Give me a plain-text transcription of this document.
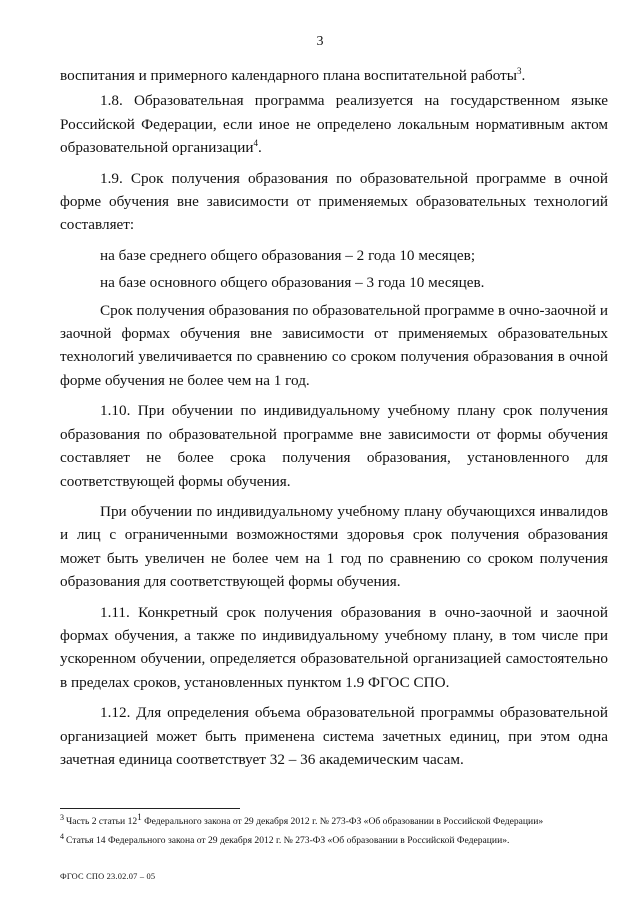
3

воспитания и примерного календарного плана воспитательной работы$^3$.

1.8. Образовательная программа реализуется на государственном языке Российской Федерации, если иное не определено локальным нормативным актом образовательной организации$^4$.

1.9. Срок получения образования по образовательной программе в очной форме обучения вне зависимости от применяемых образовательных технологий составляет:

на базе среднего общего образования – 2 года 10 месяцев;

на базе основного общего образования – 3 года 10 месяцев.

Срок получения образования по образовательной программе в очно-заочной и заочной формах обучения вне зависимости от применяемых образовательных технологий увеличивается по сравнению со сроком получения образования в очной форме обучения не более чем на 1 год.

1.10. При обучении по индивидуальному учебному плану срок получения образования по образовательной программе вне зависимости от формы обучения составляет не более срока получения образования, установленного для соответствующей формы обучения.

При обучении по индивидуальному учебному плану обучающихся инвалидов и лиц с ограниченными возможностями здоровья срок получения образования может быть увеличен не более чем на 1 год по сравнению со сроком получения образования для соответствующей формы обучения.

1.11. Конкретный срок получения образования в очно-заочной и заочной формах обучения, а также по индивидуальному учебному плану, в том числе при ускоренном обучении, определяется образовательной организацией самостоятельно в пределах сроков, установленных пунктом 1.9 ФГОС СПО.

1.12. Для определения объема образовательной программы образовательной организацией может быть применена система зачетных единиц, при этом одна зачетная единица соответствует 32 – 36 академическим часам.

$^3$ Часть 2 статьи $12^1$ Федерального закона от 29 декабря 2012 г. № 273-ФЗ «Об образовании в Российской Федерации»
$^4$ Статья 14 Федерального закона от 29 декабря 2012 г. № 273-ФЗ «Об образовании в Российской Федерации».
ФГОС СПО 23.02.07 – 05
